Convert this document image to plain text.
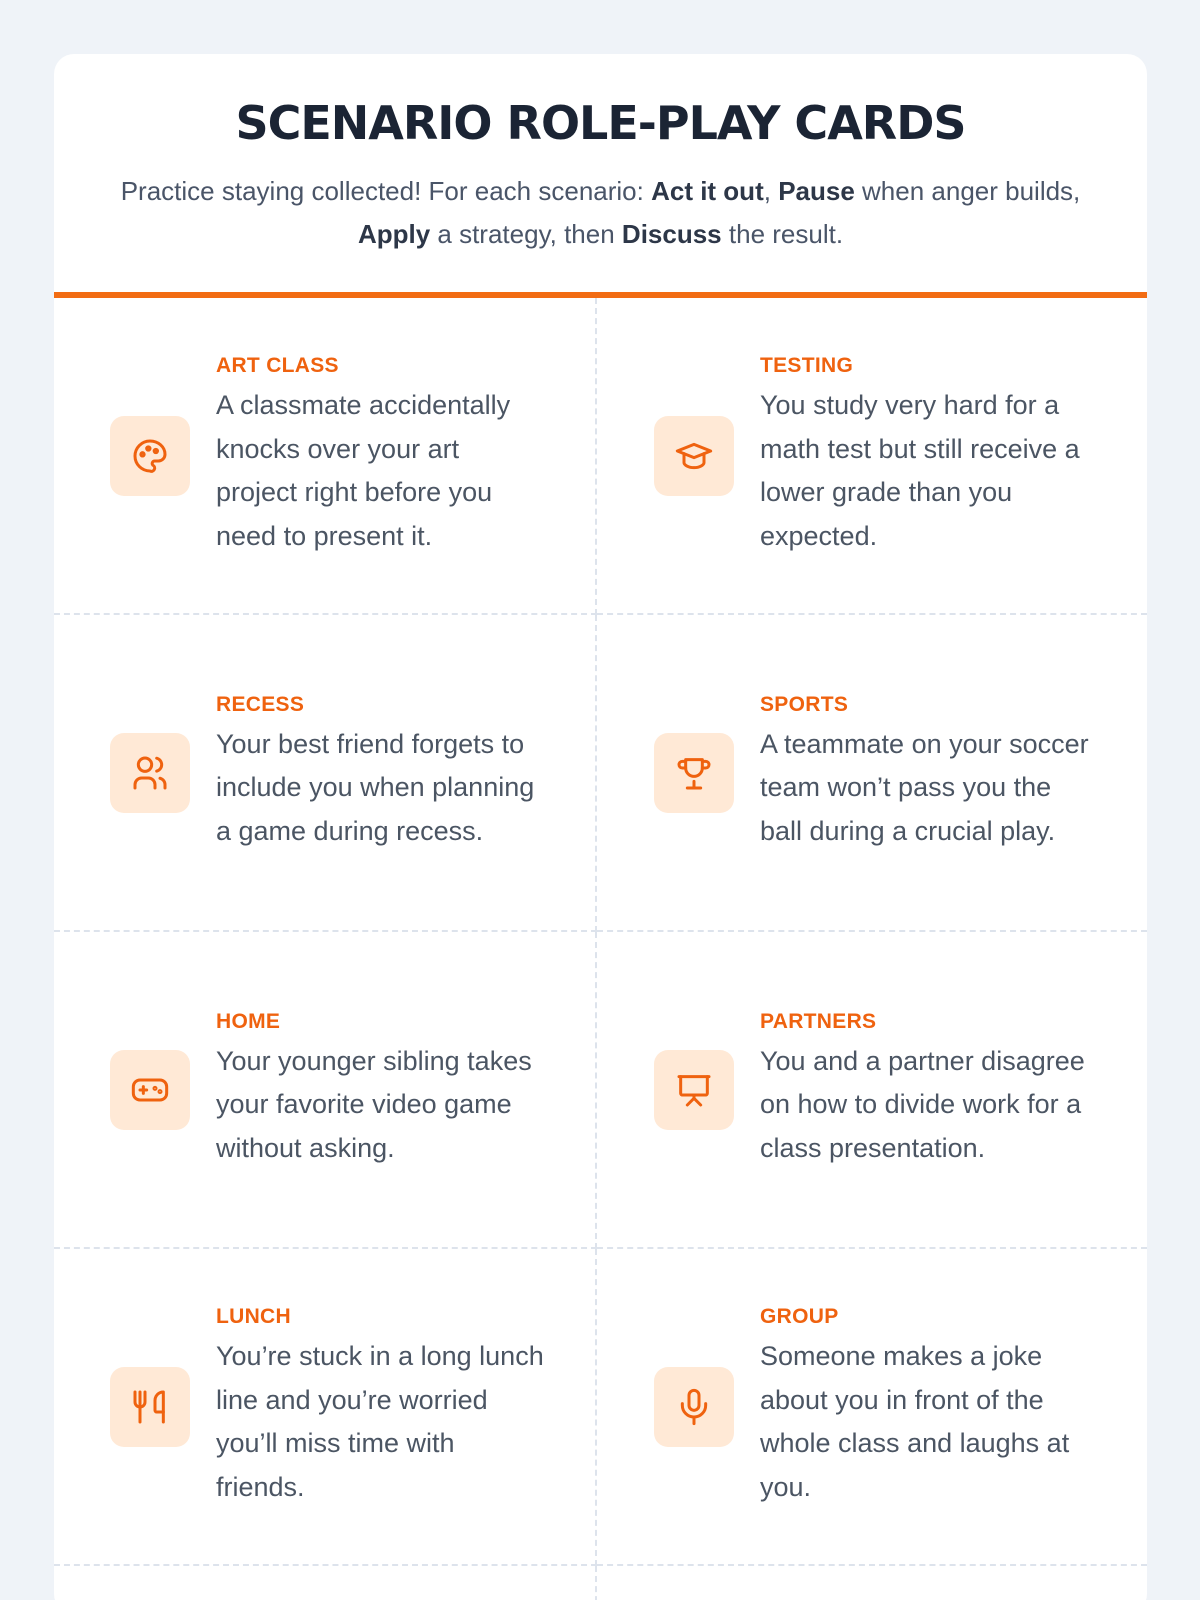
SCENARIO ROLE-PLAY CARDS

Practice staying collected! For each scenario: Act it out, Pause when anger builds, Apply a strategy, then Discuss the result.

ART CLASS
A classmate accidentally knocks over your art project right before you need to present it.
TESTING
You study very hard for a math test but still receive a lower grade than you expected.
RECESS
Your best friend forgets to include you when planning a game during recess.
SPORTS
A teammate on your soccer team won’t pass you the ball during a crucial play.
HOME
Your younger sibling takes your favorite video game without asking.
PARTNERS
You and a partner disagree on how to divide work for a class presentation.
LUNCH
You’re stuck in a long lunch line and you’re worried you’ll miss time with friends.
GROUP
Someone makes a joke about you in front of the whole class and laughs at you.
